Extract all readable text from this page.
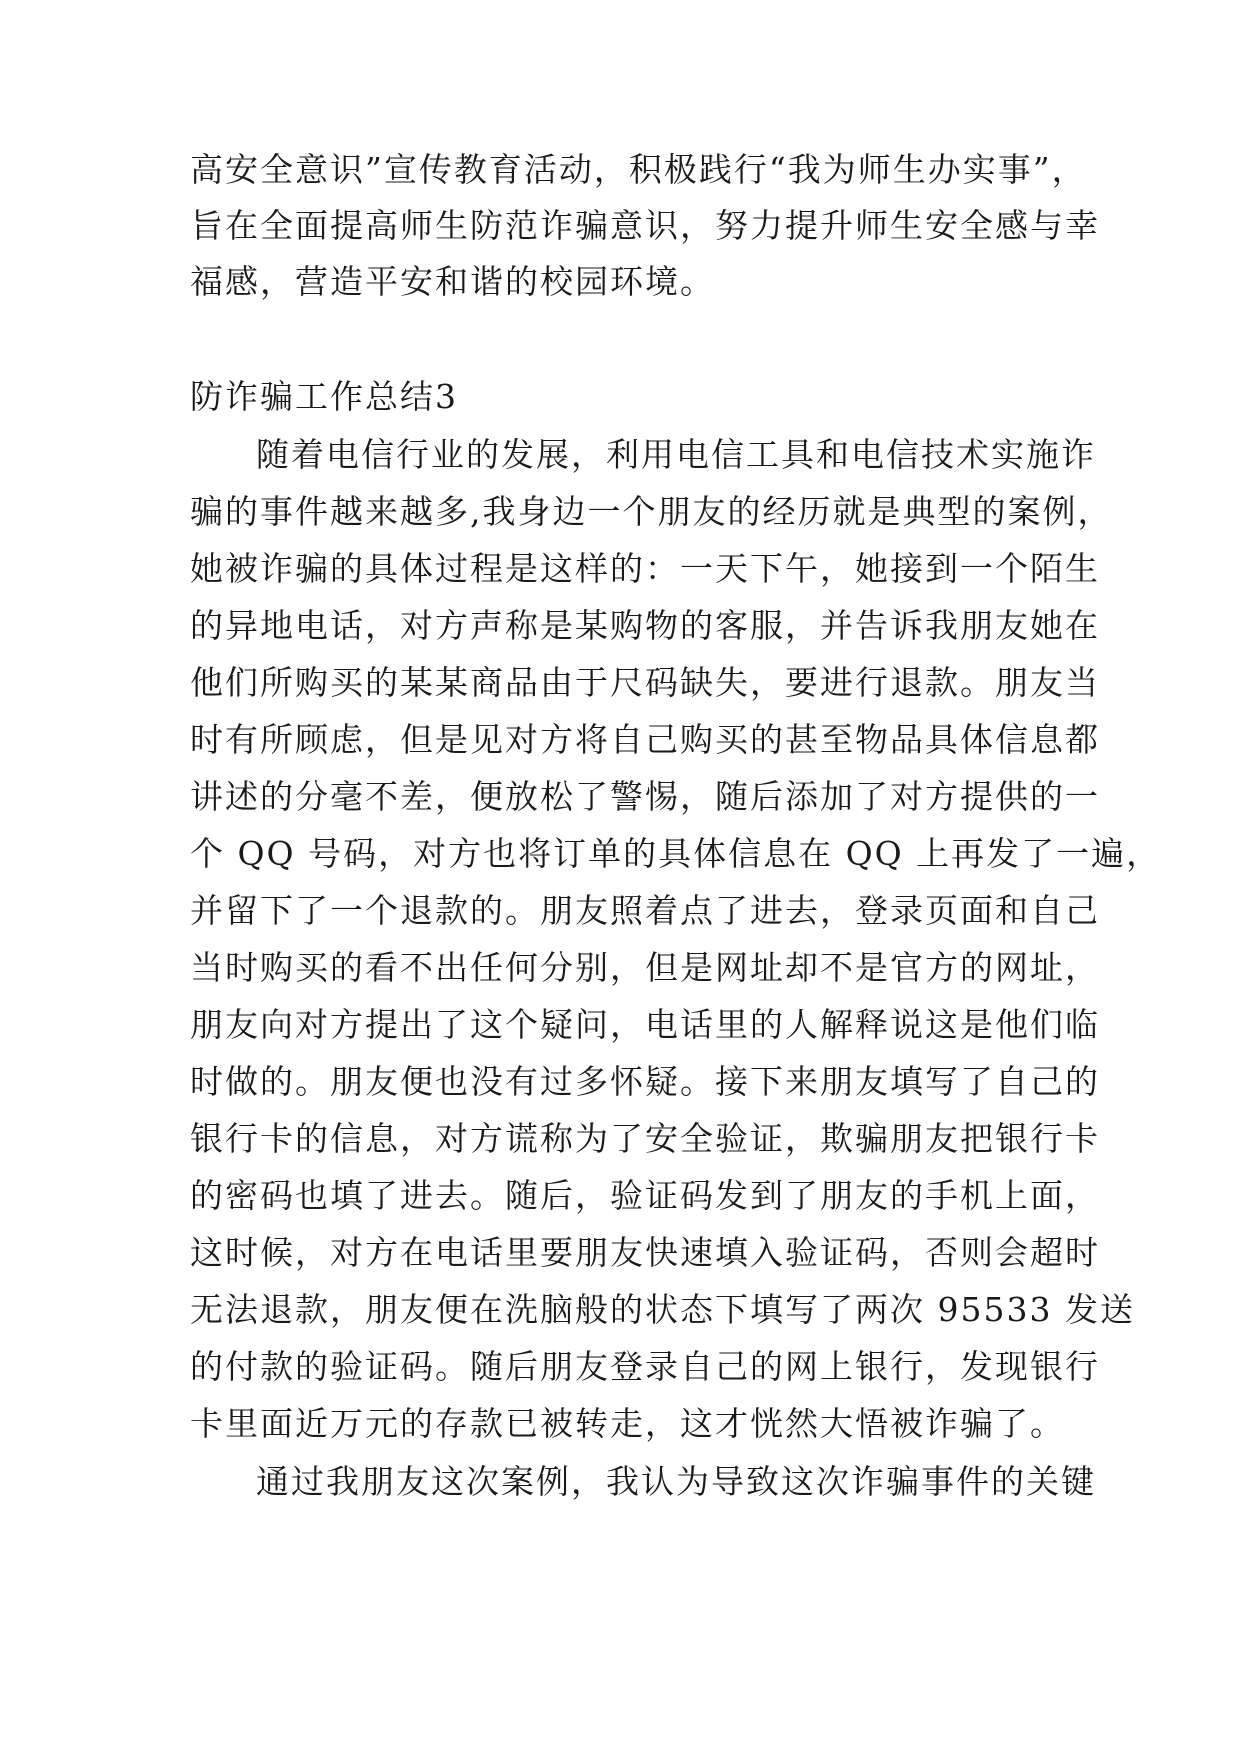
高安全意识”宣传教育活动，积极践行“我为师生办实事”，
旨在全面提高师生防范诈骗意识，努力提升师生安全感与幸
福感，营造平安和谐的校园环境。
防诈骗工作总结3
随着电信行业的发展，利用电信工具和电信技术实施诈
骗的事件越来越多,我身边一个朋友的经历就是典型的案例，
她被诈骗的具体过程是这样的：一天下午，她接到一个陌生
的异地电话，对方声称是某购物的客服，并告诉我朋友她在
他们所购买的某某商品由于尺码缺失，要进行退款。朋友当
时有所顾虑，但是见对方将自己购买的甚至物品具体信息都
讲述的分毫不差，便放松了警惕，随后添加了对方提供的一
个 QQ 号码，对方也将订单的具体信息在 QQ 上再发了一遍，
并留下了一个退款的。朋友照着点了进去，登录页面和自己
当时购买的看不出任何分别，但是网址却不是官方的网址，
朋友向对方提出了这个疑问，电话里的人解释说这是他们临
时做的。朋友便也没有过多怀疑。接下来朋友填写了自己的
银行卡的信息，对方谎称为了安全验证，欺骗朋友把银行卡
的密码也填了进去。随后，验证码发到了朋友的手机上面，
这时候，对方在电话里要朋友快速填入验证码，否则会超时
无法退款，朋友便在洗脑般的状态下填写了两次 95533 发送
的付款的验证码。随后朋友登录自己的网上银行，发现银行
卡里面近万元的存款已被转走，这才恍然大悟被诈骗了。
通过我朋友这次案例，我认为导致这次诈骗事件的关键
